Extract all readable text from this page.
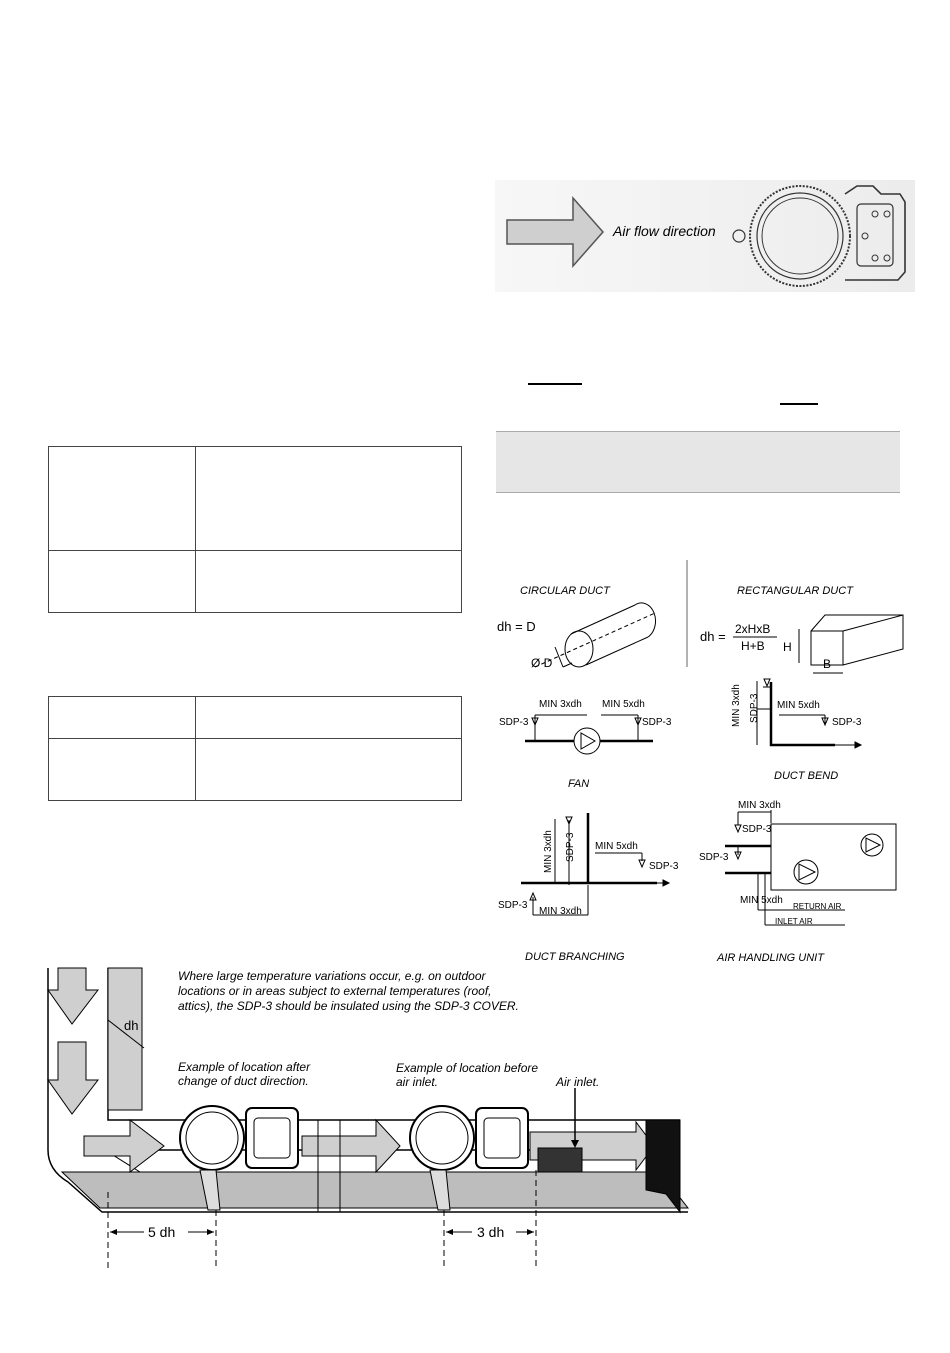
Air flow direction

CIRCULAR DUCT
dh = D
Ø D
RECTANGULAR DUCT
dh = 2xHxB
H+B H
B
MIN 3xdh MIN 5xdh
SDP-3	SDP-3
FAN
MIN 3xdh SDP-3 MIN 5xdh
SDP-3
DUCT BEND
MIN 3xdh SDP-3 MIN 5xdh
SDP-3
SDP-3
MIN 3xdh
DUCT BRANCHING
MIN 3xdh
SDP-3
SDP-3
MIN 5xdh
RETURN AIR
INLET AIR
AIR HANDLING UNIT
dh
5 dh	3 dh
Where large temperature variations occur, e.g. on outdoor locations or in areas subject to external temperatures (roof, attics), the SDP-3 should be insulated using the SDP-3 COVER.
Example of location after change of duct direction.
Example of location before air inlet.	Air inlet.
